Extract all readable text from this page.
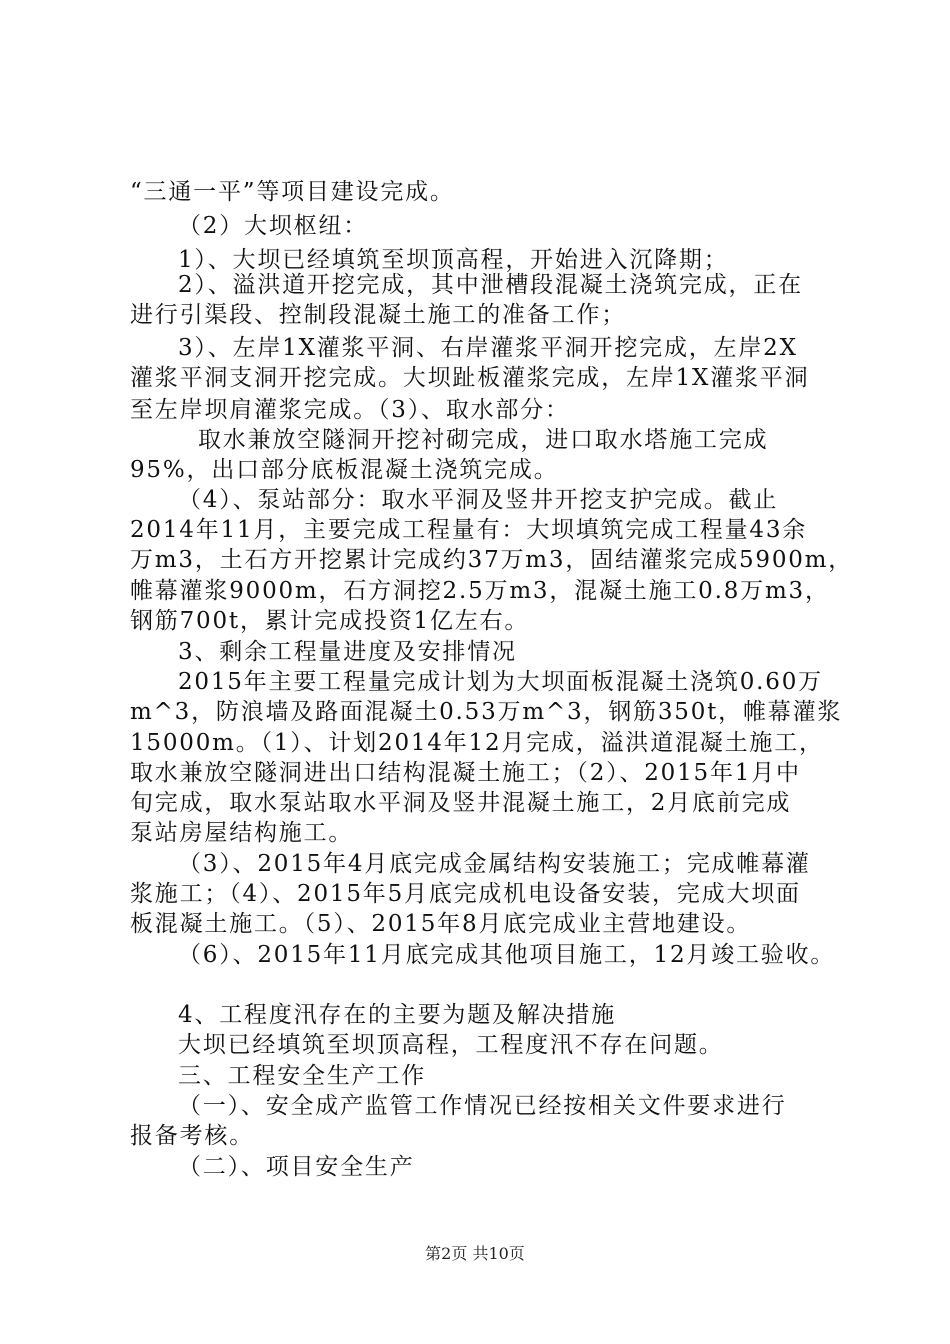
“三通一平”等项目建设完成。
（2）大坝枢纽：
1）、大坝已经填筑至坝顶高程，开始进入沉降期；
2）、溢洪道开挖完成，其中泄槽段混凝土浇筑完成，正在
进行引渠段、控制段混凝土施工的准备工作；
3）、左岸1X灌浆平洞、右岸灌浆平洞开挖完成，左岸2X
灌浆平洞支洞开挖完成。大坝趾板灌浆完成，左岸1X灌浆平洞
至左岸坝肩灌浆完成。（3）、取水部分：
取水兼放空隧洞开挖衬砌完成，进口取水塔施工完成
95%，出口部分底板混凝土浇筑完成。
（4）、泵站部分：取水平洞及竖井开挖支护完成。截止
2014年11月，主要完成工程量有：大坝填筑完成工程量43余
万m3，土石方开挖累计完成约37万m3，固结灌浆完成5900m，
帷幕灌浆9000m，石方洞挖2.5万m3，混凝土施工0.8万m3，
钢筋700t，累计完成投资1亿左右。
3、剩余工程量进度及安排情况
2015年主要工程量完成计划为大坝面板混凝土浇筑0.60万
m^3，防浪墙及路面混凝土0.53万m^3，钢筋350t，帷幕灌浆
15000m。（1）、计划2014年12月完成，溢洪道混凝土施工，
取水兼放空隧洞进出口结构混凝土施工；（2）、2015年1月中
旬完成，取水泵站取水平洞及竖井混凝土施工，2月底前完成
泵站房屋结构施工。
（3）、2015年4月底完成金属结构安装施工；完成帷幕灌
浆施工；（4）、2015年5月底完成机电设备安装，完成大坝面
板混凝土施工。（5）、2015年8月底完成业主营地建设。
（6）、2015年11月底完成其他项目施工，12月竣工验收。
4、工程度汛存在的主要为题及解决措施
大坝已经填筑至坝顶高程，工程度汛不存在问题。
三、工程安全生产工作
（一）、安全成产监管工作情况已经按相关文件要求进行
报备考核。
（二）、项目安全生产
第2页 共10页
